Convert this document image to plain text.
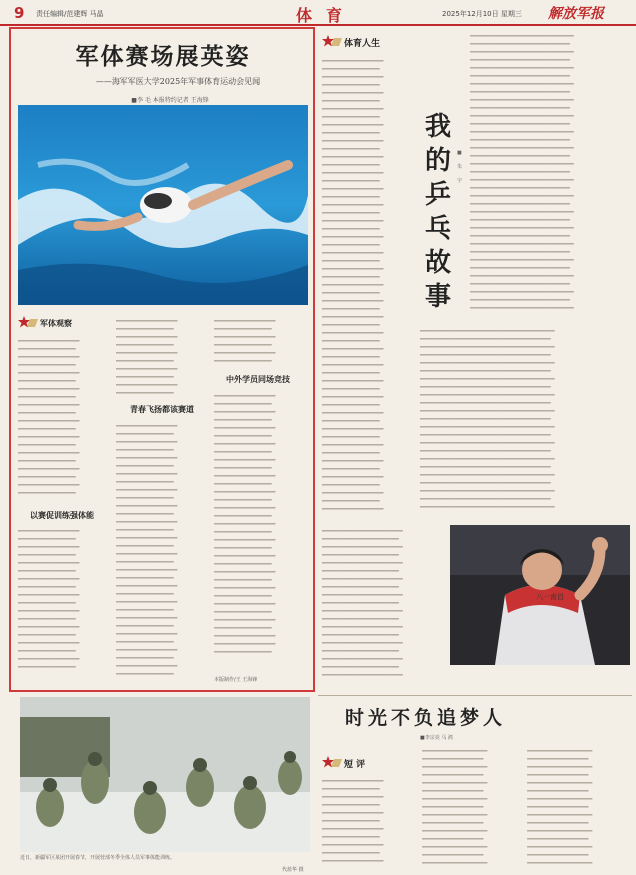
9 责任编辑/范建辉 马晶	体育	2025年12月10日 星期三 解放军报
军体赛场展英姿
——海军军医大学2025年军事体育运动会见闻
■李 毛 本报特约记者 王海锋
军体观察
▁▁▁▁▁▁▁▁▁▁▁▁▁▁▁▁
▁▁▁▁▁▁▁▁▁▁▁▁▁▁▁
▁▁▁▁▁▁▁▁▁▁▁▁▁▁▁▁
▁▁▁▁▁▁▁▁▁▁▁▁▁▁▁
▁▁▁▁▁▁▁▁▁▁▁▁▁▁▁▁
▁▁▁▁▁▁▁▁▁▁▁▁▁▁▁
▁▁▁▁▁▁▁▁▁▁▁▁▁▁▁▁
▁▁▁▁▁▁▁▁▁▁▁▁▁▁▁
▁▁▁▁▁▁▁▁▁▁▁▁▁▁▁▁
▁▁▁▁▁▁▁▁▁▁▁▁▁▁▁
▁▁▁▁▁▁▁▁▁▁▁▁▁▁▁▁
▁▁▁▁▁▁▁▁▁▁▁▁▁▁▁
▁▁▁▁▁▁▁▁▁▁▁▁▁▁▁▁
▁▁▁▁▁▁▁▁▁▁▁▁▁▁▁
▁▁▁▁▁▁▁▁▁▁▁▁▁▁▁▁
▁▁▁▁▁▁▁▁▁▁▁▁▁▁▁
▁▁▁▁▁▁▁▁▁▁▁▁▁▁▁▁
▁▁▁▁▁▁▁▁▁▁▁▁▁▁▁
▁▁▁▁▁▁▁▁▁▁▁▁▁▁▁▁
▁▁▁▁▁▁▁▁▁▁▁▁▁▁▁
以赛促训练强体能
▁▁▁▁▁▁▁▁▁▁▁▁▁▁▁▁
▁▁▁▁▁▁▁▁▁▁▁▁▁▁▁
▁▁▁▁▁▁▁▁▁▁▁▁▁▁▁▁
▁▁▁▁▁▁▁▁▁▁▁▁▁▁▁
▁▁▁▁▁▁▁▁▁▁▁▁▁▁▁▁
▁▁▁▁▁▁▁▁▁▁▁▁▁▁▁
▁▁▁▁▁▁▁▁▁▁▁▁▁▁▁▁
▁▁▁▁▁▁▁▁▁▁▁▁▁▁▁
▁▁▁▁▁▁▁▁▁▁▁▁▁▁▁▁
▁▁▁▁▁▁▁▁▁▁▁▁▁▁▁
▁▁▁▁▁▁▁▁▁▁▁▁▁▁▁▁
▁▁▁▁▁▁▁▁▁▁▁▁▁▁▁
▁▁▁▁▁▁▁▁▁▁▁▁▁▁▁▁
▁▁▁▁▁▁▁▁▁▁▁▁▁▁▁
▁▁▁▁▁▁▁▁▁▁▁▁▁▁▁▁
▁▁▁▁▁▁▁▁▁▁▁▁▁▁▁
▁▁▁▁▁▁▁▁▁▁▁▁▁▁▁▁
▁▁▁▁▁▁▁▁▁▁▁▁▁▁▁
▁▁▁▁▁▁▁▁▁▁▁▁▁▁▁▁
▁▁▁▁▁▁▁▁▁▁▁▁▁▁▁
▁▁▁▁▁▁▁▁▁▁▁▁▁▁▁▁
▁▁▁▁▁▁▁▁▁▁▁▁▁▁▁
▁▁▁▁▁▁▁▁▁▁▁▁▁▁▁▁
▁▁▁▁▁▁▁▁▁▁▁▁▁▁▁
▁▁▁▁▁▁▁▁▁▁▁▁▁▁▁▁
▁▁▁▁▁▁▁▁▁▁▁▁▁▁▁
▁▁▁▁▁▁▁▁▁▁▁▁▁▁▁▁
▁▁▁▁▁▁▁▁▁▁▁▁▁▁▁
青春飞扬都该赛道
▁▁▁▁▁▁▁▁▁▁▁▁▁▁▁▁
▁▁▁▁▁▁▁▁▁▁▁▁▁▁▁
▁▁▁▁▁▁▁▁▁▁▁▁▁▁▁▁
▁▁▁▁▁▁▁▁▁▁▁▁▁▁▁
▁▁▁▁▁▁▁▁▁▁▁▁▁▁▁▁
▁▁▁▁▁▁▁▁▁▁▁▁▁▁▁
▁▁▁▁▁▁▁▁▁▁▁▁▁▁▁▁
▁▁▁▁▁▁▁▁▁▁▁▁▁▁▁
▁▁▁▁▁▁▁▁▁▁▁▁▁▁▁▁
▁▁▁▁▁▁▁▁▁▁▁▁▁▁▁
▁▁▁▁▁▁▁▁▁▁▁▁▁▁▁▁
▁▁▁▁▁▁▁▁▁▁▁▁▁▁▁
▁▁▁▁▁▁▁▁▁▁▁▁▁▁▁▁
▁▁▁▁▁▁▁▁▁▁▁▁▁▁▁
▁▁▁▁▁▁▁▁▁▁▁▁▁▁▁▁
▁▁▁▁▁▁▁▁▁▁▁▁▁▁▁
▁▁▁▁▁▁▁▁▁▁▁▁▁▁▁▁
▁▁▁▁▁▁▁▁▁▁▁▁▁▁▁
▁▁▁▁▁▁▁▁▁▁▁▁▁▁▁▁
▁▁▁▁▁▁▁▁▁▁▁▁▁▁▁
▁▁▁▁▁▁▁▁▁▁▁▁▁▁▁▁
▁▁▁▁▁▁▁▁▁▁▁▁▁▁▁
▁▁▁▁▁▁▁▁▁▁▁▁▁▁▁▁
▁▁▁▁▁▁▁▁▁▁▁▁▁▁▁
▁▁▁▁▁▁▁▁▁▁▁▁▁▁▁▁
▁▁▁▁▁▁▁▁▁▁▁▁▁▁▁
▁▁▁▁▁▁▁▁▁▁▁▁▁▁▁▁
▁▁▁▁▁▁▁▁▁▁▁▁▁▁▁
▁▁▁▁▁▁▁▁▁▁▁▁▁▁▁▁
▁▁▁▁▁▁▁▁▁▁▁▁▁▁▁
▁▁▁▁▁▁▁▁▁▁▁▁▁▁▁▁
▁▁▁▁▁▁▁▁▁▁▁▁▁▁▁
▁▁▁▁▁▁▁▁▁▁▁▁▁▁▁▁
▁▁▁▁▁▁▁▁▁▁▁▁▁▁▁
▁▁▁▁▁▁▁▁▁▁▁▁▁▁▁▁
▁▁▁▁▁▁▁▁▁▁▁▁▁▁▁
▁▁▁▁▁▁▁▁▁▁▁▁▁▁▁▁
▁▁▁▁▁▁▁▁▁▁▁▁▁▁▁
中外学员同场竞技
▁▁▁▁▁▁▁▁▁▁▁▁▁▁▁▁
▁▁▁▁▁▁▁▁▁▁▁▁▁▁▁
▁▁▁▁▁▁▁▁▁▁▁▁▁▁▁▁
▁▁▁▁▁▁▁▁▁▁▁▁▁▁▁
▁▁▁▁▁▁▁▁▁▁▁▁▁▁▁▁
▁▁▁▁▁▁▁▁▁▁▁▁▁▁▁
▁▁▁▁▁▁▁▁▁▁▁▁▁▁▁▁
▁▁▁▁▁▁▁▁▁▁▁▁▁▁▁
▁▁▁▁▁▁▁▁▁▁▁▁▁▁▁▁
▁▁▁▁▁▁▁▁▁▁▁▁▁▁▁
▁▁▁▁▁▁▁▁▁▁▁▁▁▁▁▁
▁▁▁▁▁▁▁▁▁▁▁▁▁▁▁
▁▁▁▁▁▁▁▁▁▁▁▁▁▁▁▁
▁▁▁▁▁▁▁▁▁▁▁▁▁▁▁
▁▁▁▁▁▁▁▁▁▁▁▁▁▁▁▁
▁▁▁▁▁▁▁▁▁▁▁▁▁▁▁
▁▁▁▁▁▁▁▁▁▁▁▁▁▁▁▁
▁▁▁▁▁▁▁▁▁▁▁▁▁▁▁
▁▁▁▁▁▁▁▁▁▁▁▁▁▁▁▁
▁▁▁▁▁▁▁▁▁▁▁▁▁▁▁
▁▁▁▁▁▁▁▁▁▁▁▁▁▁▁▁
▁▁▁▁▁▁▁▁▁▁▁▁▁▁▁
▁▁▁▁▁▁▁▁▁▁▁▁▁▁▁▁
▁▁▁▁▁▁▁▁▁▁▁▁▁▁▁
▁▁▁▁▁▁▁▁▁▁▁▁▁▁▁▁
▁▁▁▁▁▁▁▁▁▁▁▁▁▁▁
▁▁▁▁▁▁▁▁▁▁▁▁▁▁▁▁
▁▁▁▁▁▁▁▁▁▁▁▁▁▁▁
▁▁▁▁▁▁▁▁▁▁▁▁▁▁▁▁
▁▁▁▁▁▁▁▁▁▁▁▁▁▁▁
▁▁▁▁▁▁▁▁▁▁▁▁▁▁▁▁
▁▁▁▁▁▁▁▁▁▁▁▁▁▁▁▁
▁▁▁▁▁▁▁▁▁▁▁▁▁▁▁
本版制作/王 王海锋
体育人生
▁▁▁▁▁▁▁▁▁▁▁▁▁▁▁▁
▁▁▁▁▁▁▁▁▁▁▁▁▁▁▁
▁▁▁▁▁▁▁▁▁▁▁▁▁▁▁▁
▁▁▁▁▁▁▁▁▁▁▁▁▁▁▁
▁▁▁▁▁▁▁▁▁▁▁▁▁▁▁▁
▁▁▁▁▁▁▁▁▁▁▁▁▁▁▁
▁▁▁▁▁▁▁▁▁▁▁▁▁▁▁▁
▁▁▁▁▁▁▁▁▁▁▁▁▁▁▁
▁▁▁▁▁▁▁▁▁▁▁▁▁▁▁▁
▁▁▁▁▁▁▁▁▁▁▁▁▁▁▁
▁▁▁▁▁▁▁▁▁▁▁▁▁▁▁▁
▁▁▁▁▁▁▁▁▁▁▁▁▁▁▁
▁▁▁▁▁▁▁▁▁▁▁▁▁▁▁▁
▁▁▁▁▁▁▁▁▁▁▁▁▁▁▁
▁▁▁▁▁▁▁▁▁▁▁▁▁▁▁▁
▁▁▁▁▁▁▁▁▁▁▁▁▁▁▁
▁▁▁▁▁▁▁▁▁▁▁▁▁▁▁▁
▁▁▁▁▁▁▁▁▁▁▁▁▁▁▁
▁▁▁▁▁▁▁▁▁▁▁▁▁▁▁▁
▁▁▁▁▁▁▁▁▁▁▁▁▁▁▁
▁▁▁▁▁▁▁▁▁▁▁▁▁▁▁▁
▁▁▁▁▁▁▁▁▁▁▁▁▁▁▁
▁▁▁▁▁▁▁▁▁▁▁▁▁▁▁▁
▁▁▁▁▁▁▁▁▁▁▁▁▁▁▁
▁▁▁▁▁▁▁▁▁▁▁▁▁▁▁▁
▁▁▁▁▁▁▁▁▁▁▁▁▁▁▁
▁▁▁▁▁▁▁▁▁▁▁▁▁▁▁▁
▁▁▁▁▁▁▁▁▁▁▁▁▁▁▁
▁▁▁▁▁▁▁▁▁▁▁▁▁▁▁▁
▁▁▁▁▁▁▁▁▁▁▁▁▁▁▁
▁▁▁▁▁▁▁▁▁▁▁▁▁▁▁▁
▁▁▁▁▁▁▁▁▁▁▁▁▁▁▁
▁▁▁▁▁▁▁▁▁▁▁▁▁▁▁▁
▁▁▁▁▁▁▁▁▁▁▁▁▁▁▁
▁▁▁▁▁▁▁▁▁▁▁▁▁▁▁▁
▁▁▁▁▁▁▁▁▁▁▁▁▁▁▁
▁▁▁▁▁▁▁▁▁▁▁▁▁▁▁▁
▁▁▁▁▁▁▁▁▁▁▁▁▁▁▁
▁▁▁▁▁▁▁▁▁▁▁▁▁▁▁▁
▁▁▁▁▁▁▁▁▁▁▁▁▁▁▁
▁▁▁▁▁▁▁▁▁▁▁▁▁▁▁▁
▁▁▁▁▁▁▁▁▁▁▁▁▁▁▁
▁▁▁▁▁▁▁▁▁▁▁▁▁▁▁▁
▁▁▁▁▁▁▁▁▁▁▁▁▁▁▁
▁▁▁▁▁▁▁▁▁▁▁▁▁▁▁▁
▁▁▁▁▁▁▁▁▁▁▁▁▁▁▁
▁▁▁▁▁▁▁▁▁▁▁▁▁▁▁▁
▁▁▁▁▁▁▁▁▁▁▁▁▁▁▁
▁▁▁▁▁▁▁▁▁▁▁▁▁▁▁▁
▁▁▁▁▁▁▁▁▁▁▁▁▁▁▁
▁▁▁▁▁▁▁▁▁▁▁▁▁▁▁▁
▁▁▁▁▁▁▁▁▁▁▁▁▁▁▁
▁▁▁▁▁▁▁▁▁▁▁▁▁▁▁▁
▁▁▁▁▁▁▁▁▁▁▁▁▁▁▁
▁▁▁▁▁▁▁▁▁▁▁▁▁▁▁▁
▁▁▁▁▁▁▁▁▁▁▁▁▁▁▁
▁▁▁▁▁▁▁▁▁▁▁▁▁▁▁▁
我
的
乒
乓
故
事
■

朱

宇
▁▁▁▁▁▁▁▁▁▁▁▁▁▁▁▁▁▁▁▁▁▁▁▁▁▁▁
▁▁▁▁▁▁▁▁▁▁▁▁▁▁▁▁▁▁▁▁▁▁▁▁▁▁
▁▁▁▁▁▁▁▁▁▁▁▁▁▁▁▁▁▁▁▁▁▁▁▁▁▁▁
▁▁▁▁▁▁▁▁▁▁▁▁▁▁▁▁▁▁▁▁▁▁▁▁▁▁
▁▁▁▁▁▁▁▁▁▁▁▁▁▁▁▁▁▁▁▁▁▁▁▁▁▁▁
▁▁▁▁▁▁▁▁▁▁▁▁▁▁▁▁▁▁▁▁▁▁▁▁▁▁
▁▁▁▁▁▁▁▁▁▁▁▁▁▁▁▁▁▁▁▁▁▁▁▁▁▁▁
▁▁▁▁▁▁▁▁▁▁▁▁▁▁▁▁▁▁▁▁▁▁▁▁▁▁
▁▁▁▁▁▁▁▁▁▁▁▁▁▁▁▁▁▁▁▁▁▁▁▁▁▁▁
▁▁▁▁▁▁▁▁▁▁▁▁▁▁▁▁▁▁▁▁▁▁▁▁▁▁
▁▁▁▁▁▁▁▁▁▁▁▁▁▁▁▁▁▁▁▁▁▁▁▁▁▁▁
▁▁▁▁▁▁▁▁▁▁▁▁▁▁▁▁▁▁▁▁▁▁▁▁▁▁
▁▁▁▁▁▁▁▁▁▁▁▁▁▁▁▁▁▁▁▁▁▁▁▁▁▁▁
▁▁▁▁▁▁▁▁▁▁▁▁▁▁▁▁▁▁▁▁▁▁▁▁▁▁
▁▁▁▁▁▁▁▁▁▁▁▁▁▁▁▁▁▁▁▁▁▁▁▁▁▁▁
▁▁▁▁▁▁▁▁▁▁▁▁▁▁▁▁▁▁▁▁▁▁▁▁▁▁
▁▁▁▁▁▁▁▁▁▁▁▁▁▁▁▁▁▁▁▁▁▁▁▁▁▁▁
▁▁▁▁▁▁▁▁▁▁▁▁▁▁▁▁▁▁▁▁▁▁▁▁▁▁
▁▁▁▁▁▁▁▁▁▁▁▁▁▁▁▁▁▁▁▁▁▁▁▁▁▁▁
▁▁▁▁▁▁▁▁▁▁▁▁▁▁▁▁▁▁▁▁▁▁▁▁▁▁
▁▁▁▁▁▁▁▁▁▁▁▁▁▁▁▁▁▁▁▁▁▁▁▁▁▁▁
▁▁▁▁▁▁▁▁▁▁▁▁▁▁▁▁▁▁▁▁▁▁▁▁▁▁
▁▁▁▁▁▁▁▁▁▁▁▁▁▁▁▁▁▁▁▁▁▁▁▁▁▁▁
▁▁▁▁▁▁▁▁▁▁▁▁▁▁▁▁▁▁▁▁▁▁▁▁▁▁
▁▁▁▁▁▁▁▁▁▁▁▁▁▁▁▁▁▁▁▁▁▁▁▁▁▁▁
▁▁▁▁▁▁▁▁▁▁▁▁▁▁▁▁▁▁▁▁▁▁▁▁▁▁
▁▁▁▁▁▁▁▁▁▁▁▁▁▁▁▁▁▁▁▁▁▁▁▁▁▁▁
▁▁▁▁▁▁▁▁▁▁▁▁▁▁▁▁▁▁▁▁▁▁▁▁▁▁
▁▁▁▁▁▁▁▁▁▁▁▁▁▁▁▁▁▁▁▁▁▁▁▁▁▁▁
▁▁▁▁▁▁▁▁▁▁▁▁▁▁▁▁▁▁▁▁▁▁▁▁▁▁
▁▁▁▁▁▁▁▁▁▁▁▁▁▁▁▁▁▁▁▁▁▁▁▁▁▁▁
▁▁▁▁▁▁▁▁▁▁▁▁▁▁▁▁▁▁▁▁▁▁▁▁▁▁
▁▁▁▁▁▁▁▁▁▁▁▁▁▁▁▁▁▁▁▁▁▁▁▁▁▁▁
▁▁▁▁▁▁▁▁▁▁▁▁▁▁▁▁▁▁▁▁▁▁▁▁▁▁
▁▁▁▁▁▁▁▁▁▁▁▁▁▁▁▁▁▁▁▁▁▁▁▁▁▁▁
▁▁▁▁▁▁▁▁▁▁▁▁▁▁▁▁▁▁▁▁▁▁▁▁▁▁▁▁▁▁▁▁▁▁▁
▁▁▁▁▁▁▁▁▁▁▁▁▁▁▁▁▁▁▁▁▁▁▁▁▁▁▁▁▁▁▁▁▁▁
▁▁▁▁▁▁▁▁▁▁▁▁▁▁▁▁▁▁▁▁▁▁▁▁▁▁▁▁▁▁▁▁▁▁▁
▁▁▁▁▁▁▁▁▁▁▁▁▁▁▁▁▁▁▁▁▁▁▁▁▁▁▁▁▁▁▁▁▁▁
▁▁▁▁▁▁▁▁▁▁▁▁▁▁▁▁▁▁▁▁▁▁▁▁▁▁▁▁▁▁▁▁▁▁▁
▁▁▁▁▁▁▁▁▁▁▁▁▁▁▁▁▁▁▁▁▁▁▁▁▁▁▁▁▁▁▁▁▁▁
▁▁▁▁▁▁▁▁▁▁▁▁▁▁▁▁▁▁▁▁▁▁▁▁▁▁▁▁▁▁▁▁▁▁▁
▁▁▁▁▁▁▁▁▁▁▁▁▁▁▁▁▁▁▁▁▁▁▁▁▁▁▁▁▁▁▁▁▁▁
▁▁▁▁▁▁▁▁▁▁▁▁▁▁▁▁▁▁▁▁▁▁▁▁▁▁▁▁▁▁▁▁▁▁▁
▁▁▁▁▁▁▁▁▁▁▁▁▁▁▁▁▁▁▁▁▁▁▁▁▁▁▁▁▁▁▁▁▁▁
▁▁▁▁▁▁▁▁▁▁▁▁▁▁▁▁▁▁▁▁▁▁▁▁▁▁▁▁▁▁▁▁▁▁▁
▁▁▁▁▁▁▁▁▁▁▁▁▁▁▁▁▁▁▁▁▁▁▁▁▁▁▁▁▁▁▁▁▁▁
▁▁▁▁▁▁▁▁▁▁▁▁▁▁▁▁▁▁▁▁▁▁▁▁▁▁▁▁▁▁▁▁▁▁▁
▁▁▁▁▁▁▁▁▁▁▁▁▁▁▁▁▁▁▁▁▁▁▁▁▁▁▁▁▁▁▁▁▁▁
▁▁▁▁▁▁▁▁▁▁▁▁▁▁▁▁▁▁▁▁▁▁▁▁▁▁▁▁▁▁▁▁▁▁▁
▁▁▁▁▁▁▁▁▁▁▁▁▁▁▁▁▁▁▁▁▁▁▁▁▁▁▁▁▁▁▁▁▁▁
▁▁▁▁▁▁▁▁▁▁▁▁▁▁▁▁▁▁▁▁▁▁▁▁▁▁▁▁▁▁▁▁▁▁▁
▁▁▁▁▁▁▁▁▁▁▁▁▁▁▁▁▁▁▁▁▁▁▁▁▁▁▁▁▁▁▁▁▁▁
▁▁▁▁▁▁▁▁▁▁▁▁▁▁▁▁▁▁▁▁▁▁▁▁▁▁▁▁▁▁▁▁▁▁▁
▁▁▁▁▁▁▁▁▁▁▁▁▁▁▁▁▁▁▁▁▁▁▁▁▁▁▁▁▁▁▁▁▁▁
▁▁▁▁▁▁▁▁▁▁▁▁▁▁▁▁▁▁▁▁▁▁▁▁▁▁▁▁▁▁▁▁▁▁▁
▁▁▁▁▁▁▁▁▁▁▁▁▁▁▁▁▁▁▁▁▁▁▁▁▁▁▁▁▁▁▁▁▁▁
▁▁▁▁▁▁▁▁▁▁▁▁▁▁▁▁▁▁▁▁▁▁▁▁▁▁▁▁▁▁▁▁▁▁▁
▁▁▁▁▁▁▁▁▁▁▁▁▁▁▁▁▁▁▁▁▁
▁▁▁▁▁▁▁▁▁▁▁▁▁▁▁▁▁▁▁▁
▁▁▁▁▁▁▁▁▁▁▁▁▁▁▁▁▁▁▁▁▁
▁▁▁▁▁▁▁▁▁▁▁▁▁▁▁▁▁▁▁▁
▁▁▁▁▁▁▁▁▁▁▁▁▁▁▁▁▁▁▁▁▁
▁▁▁▁▁▁▁▁▁▁▁▁▁▁▁▁▁▁▁▁
▁▁▁▁▁▁▁▁▁▁▁▁▁▁▁▁▁▁▁▁▁
▁▁▁▁▁▁▁▁▁▁▁▁▁▁▁▁▁▁▁▁
▁▁▁▁▁▁▁▁▁▁▁▁▁▁▁▁▁▁▁▁▁
▁▁▁▁▁▁▁▁▁▁▁▁▁▁▁▁▁▁▁▁
▁▁▁▁▁▁▁▁▁▁▁▁▁▁▁▁▁▁▁▁▁
▁▁▁▁▁▁▁▁▁▁▁▁▁▁▁▁▁▁▁▁
▁▁▁▁▁▁▁▁▁▁▁▁▁▁▁▁▁▁▁▁▁
▁▁▁▁▁▁▁▁▁▁▁▁▁▁▁▁▁▁▁▁
▁▁▁▁▁▁▁▁▁▁▁▁▁▁▁▁▁▁▁▁▁
▁▁▁▁▁▁▁▁▁▁▁▁▁▁▁▁▁▁▁▁
▁▁▁▁▁▁▁▁▁▁▁▁▁▁▁▁▁▁▁▁▁
▁▁▁▁▁▁▁▁▁▁▁▁▁▁▁▁▁▁▁▁
▁▁▁▁▁▁▁▁▁▁▁▁▁▁▁▁▁▁▁▁▁
八一南昌
近日，新疆军区某团开展春节，开展营部冬季全体人员军事体能训练。
代蓝华 摄
时光不负追梦人
■李宗亮 马 鸿
短 评
▁▁▁▁▁▁▁▁▁▁▁▁▁▁▁▁
▁▁▁▁▁▁▁▁▁▁▁▁▁▁▁
▁▁▁▁▁▁▁▁▁▁▁▁▁▁▁▁
▁▁▁▁▁▁▁▁▁▁▁▁▁▁▁
▁▁▁▁▁▁▁▁▁▁▁▁▁▁▁▁
▁▁▁▁▁▁▁▁▁▁▁▁▁▁▁
▁▁▁▁▁▁▁▁▁▁▁▁▁▁▁▁
▁▁▁▁▁▁▁▁▁▁▁▁▁▁▁
▁▁▁▁▁▁▁▁▁▁▁▁▁▁▁▁
▁▁▁▁▁▁▁▁▁▁▁▁▁▁▁
▁▁▁▁▁▁▁▁▁▁▁▁▁▁▁▁
▁▁▁▁▁▁▁▁▁▁▁▁▁▁▁▁▁
▁▁▁▁▁▁▁▁▁▁▁▁▁▁▁▁
▁▁▁▁▁▁▁▁▁▁▁▁▁▁▁▁▁
▁▁▁▁▁▁▁▁▁▁▁▁▁▁▁▁
▁▁▁▁▁▁▁▁▁▁▁▁▁▁▁▁▁
▁▁▁▁▁▁▁▁▁▁▁▁▁▁▁▁
▁▁▁▁▁▁▁▁▁▁▁▁▁▁▁▁▁
▁▁▁▁▁▁▁▁▁▁▁▁▁▁▁▁
▁▁▁▁▁▁▁▁▁▁▁▁▁▁▁▁▁
▁▁▁▁▁▁▁▁▁▁▁▁▁▁▁▁
▁▁▁▁▁▁▁▁▁▁▁▁▁▁▁▁▁
▁▁▁▁▁▁▁▁▁▁▁▁▁▁▁▁
▁▁▁▁▁▁▁▁▁▁▁▁▁▁▁▁▁
▁▁▁▁▁▁▁▁▁▁▁▁▁▁▁▁
▁▁▁▁▁▁▁▁▁▁▁▁▁▁▁▁▁
▁▁▁▁▁▁▁▁▁▁▁▁▁▁▁▁▁
▁▁▁▁▁▁▁▁▁▁▁▁▁▁▁▁
▁▁▁▁▁▁▁▁▁▁▁▁▁▁▁▁▁
▁▁▁▁▁▁▁▁▁▁▁▁▁▁▁▁
▁▁▁▁▁▁▁▁▁▁▁▁▁▁▁▁▁
▁▁▁▁▁▁▁▁▁▁▁▁▁▁▁▁
▁▁▁▁▁▁▁▁▁▁▁▁▁▁▁▁▁
▁▁▁▁▁▁▁▁▁▁▁▁▁▁▁▁
▁▁▁▁▁▁▁▁▁▁▁▁▁▁▁▁▁
▁▁▁▁▁▁▁▁▁▁▁▁▁▁▁▁
▁▁▁▁▁▁▁▁▁▁▁▁▁▁▁▁▁
▁▁▁▁▁▁▁▁▁▁▁▁▁▁▁▁
▁▁▁▁▁▁▁▁▁▁▁▁▁▁▁▁▁
▁▁▁▁▁▁▁▁▁▁▁▁▁▁▁▁
▁▁▁▁▁▁▁▁▁▁▁▁▁▁▁▁▁
